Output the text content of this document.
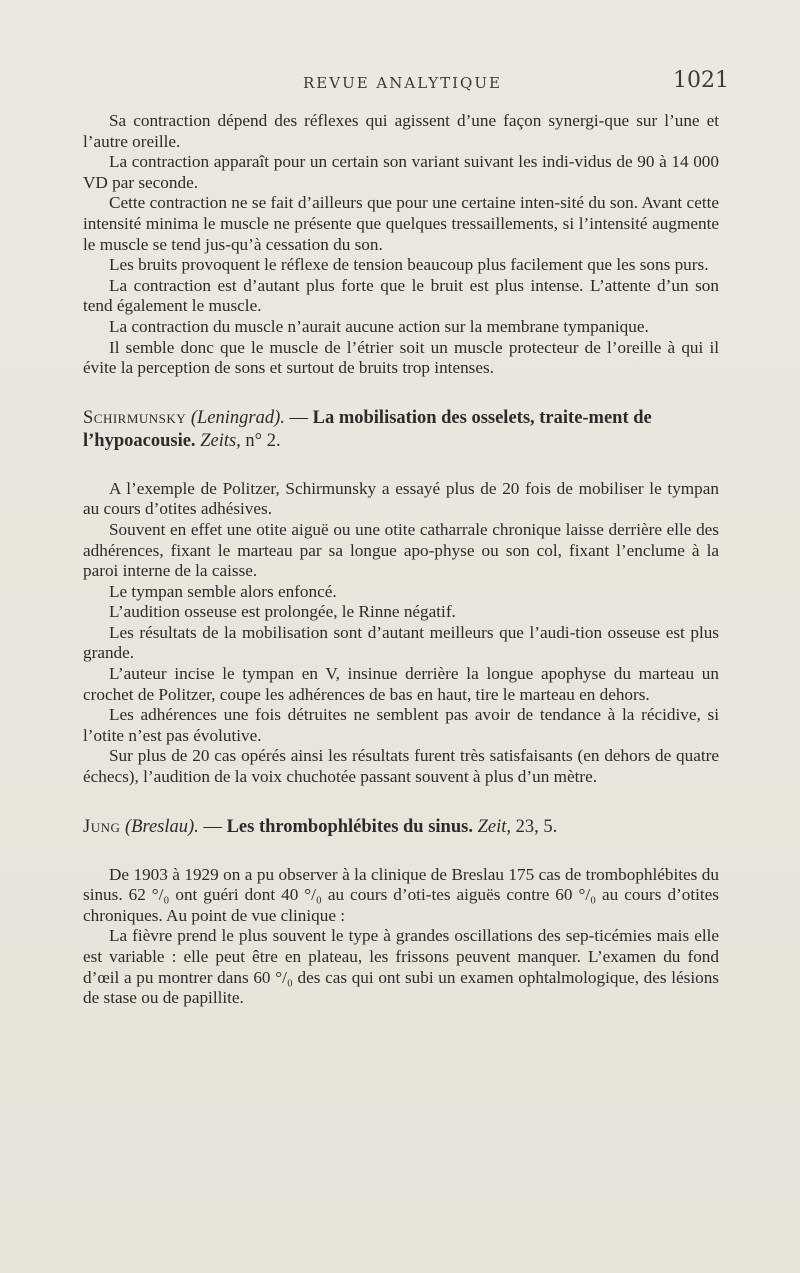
REVUE ANALYTIQUE	1021

Sa contraction dépend des réflexes qui agissent d’une façon synergi-que sur l’une et l’autre oreille.

La contraction apparaît pour un certain son variant suivant les indi-vidus de 90 à 14 000 VD par seconde.

Cette contraction ne se fait d’ailleurs que pour une certaine inten-sité du son. Avant cette intensité minima le muscle ne présente que quelques tressaillements, si l’intensité augmente le muscle se tend jus-qu’à cessation du son.

Les bruits provoquent le réflexe de tension beaucoup plus facilement que les sons purs.

La contraction est d’autant plus forte que le bruit est plus intense. L’attente d’un son tend également le muscle.

La contraction du muscle n’aurait aucune action sur la membrane tympanique.

Il semble donc que le muscle de l’étrier soit un muscle protecteur de l’oreille à qui il évite la perception de sons et surtout de bruits trop intenses.

Schirmunsky (Leningrad). — La mobilisation des osselets, traite-ment de l’hypoacousie. Zeits, n° 2.

A l’exemple de Politzer, Schirmunsky a essayé plus de 20 fois de mobiliser le tympan au cours d’otites adhésives.

Souvent en effet une otite aiguë ou une otite catharrale chronique laisse derrière elle des adhérences, fixant le marteau par sa longue apo-physe ou son col, fixant l’enclume à la paroi interne de la caisse.

Le tympan semble alors enfoncé.

L’audition osseuse est prolongée, le Rinne négatif.

Les résultats de la mobilisation sont d’autant meilleurs que l’audi-tion osseuse est plus grande.

L’auteur incise le tympan en V, insinue derrière la longue apophyse du marteau un crochet de Politzer, coupe les adhérences de bas en haut, tire le marteau en dehors.

Les adhérences une fois détruites ne semblent pas avoir de tendance à la récidive, si l’otite n’est pas évolutive.

Sur plus de 20 cas opérés ainsi les résultats furent très satisfaisants (en dehors de quatre échecs), l’audition de la voix chuchotée passant souvent à plus d’un mètre.

Jung (Breslau). — Les thrombophlébites du sinus. Zeit, 23, 5.

De 1903 à 1929 on a pu observer à la clinique de Breslau 175 cas de trombophlébites du sinus. 62 °/₀ ont guéri dont 40 °/₀ au cours d’oti-tes aiguës contre 60 °/₀ au cours d’otites chroniques. Au point de vue clinique :

La fièvre prend le plus souvent le type à grandes oscillations des sep-ticémies mais elle est variable : elle peut être en plateau, les frissons peuvent manquer. L’examen du fond d’œil a pu montrer dans 60 °/₀ des cas qui ont subi un examen ophtalmologique, des lésions de stase ou de papillite.
